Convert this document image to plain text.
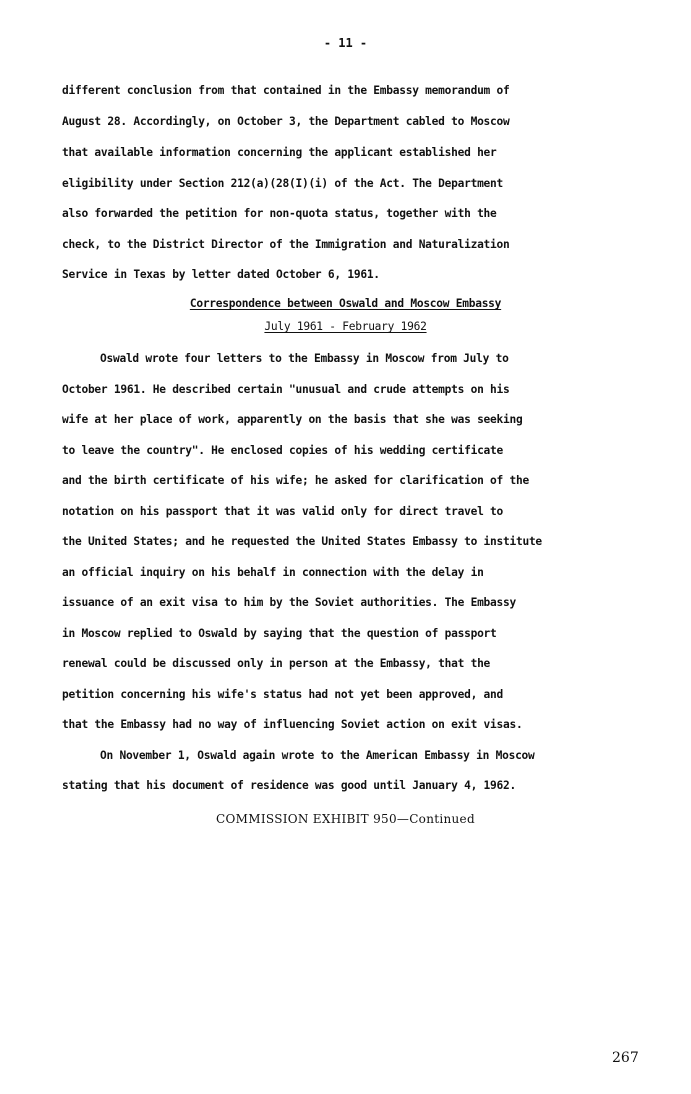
- 11 -
different conclusion from that contained in the Embassy memorandum of
August 28. Accordingly, on October 3, the Department cabled to Moscow
that available information concerning the applicant established her
eligibility under Section 212(a)(28(I)(i) of the Act. The Department
also forwarded the petition for non-quota status, together with the
check, to the District Director of the Immigration and Naturalization
Service in Texas by letter dated October 6, 1961.
Correspondence between Oswald and Moscow Embassy
July 1961 - February 1962
Oswald wrote four letters to the Embassy in Moscow from July to
October 1961. He described certain "unusual and crude attempts on his
wife at her place of work, apparently on the basis that she was seeking
to leave the country". He enclosed copies of his wedding certificate
and the birth certificate of his wife; he asked for clarification of the
notation on his passport that it was valid only for direct travel to
the United States; and he requested the United States Embassy to institute
an official inquiry on his behalf in connection with the delay in
issuance of an exit visa to him by the Soviet authorities. The Embassy
in Moscow replied to Oswald by saying that the question of passport
renewal could be discussed only in person at the Embassy, that the
petition concerning his wife's status had not yet been approved, and
that the Embassy had no way of influencing Soviet action on exit visas.
On November 1, Oswald again wrote to the American Embassy in Moscow
stating that his document of residence was good until January 4, 1962.
COMMISSION EXHIBIT 950—Continued
267
